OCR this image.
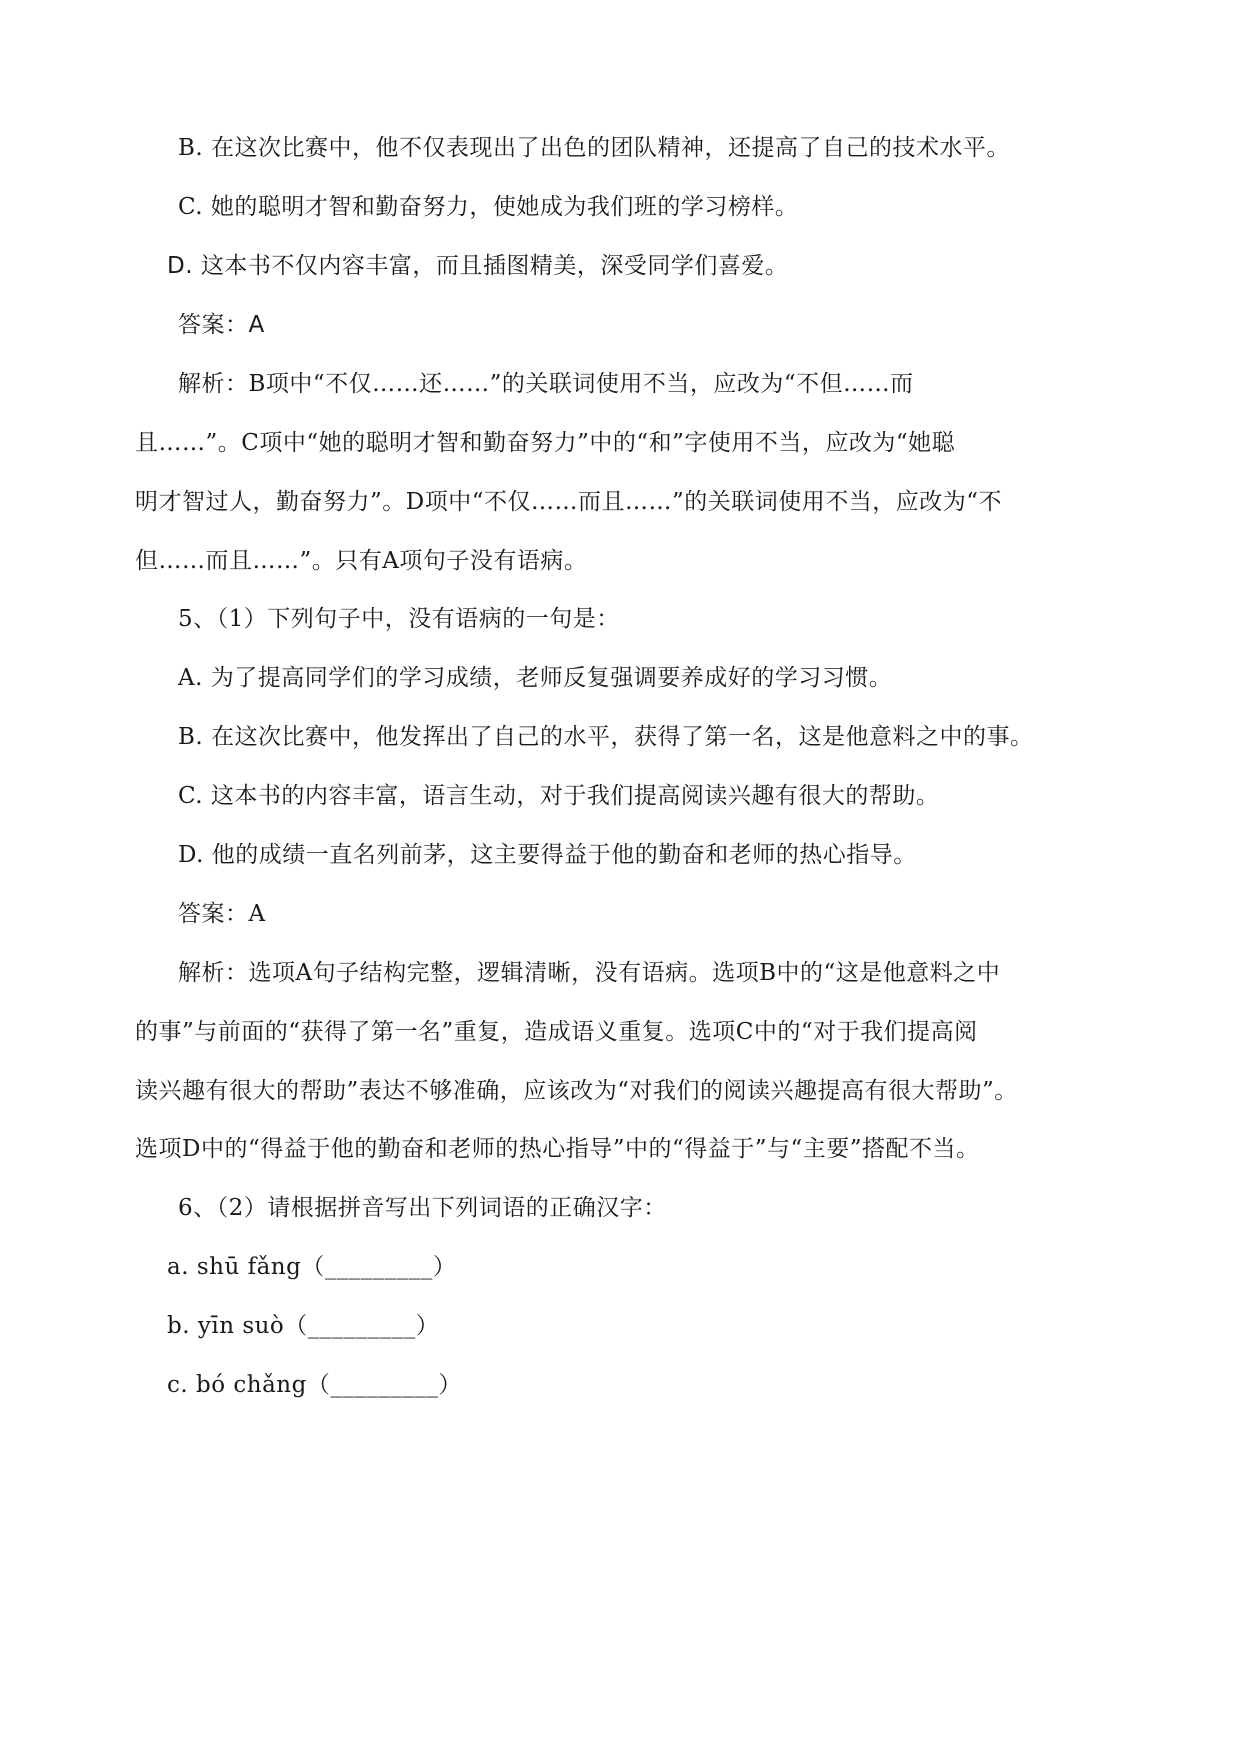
B. 在这次比赛中，他不仅表现出了出色的团队精神，还提高了自己的技术水平。
C. 她的聪明才智和勤奋努力，使她成为我们班的学习榜样。
D. 这本书不仅内容丰富，而且插图精美，深受同学们喜爱。
答案：A
解析：B项中“不仅……还……”的关联词使用不当，应改为“不但……而
且……”。C项中“她的聪明才智和勤奋努力”中的“和”字使用不当，应改为“她聪
明才智过人，勤奋努力”。D项中“不仅……而且……”的关联词使用不当，应改为“不
但……而且……”。只有A项句子没有语病。
5、（1）下列句子中，没有语病的一句是：
A. 为了提高同学们的学习成绩，老师反复强调要养成好的学习习惯。
B. 在这次比赛中，他发挥出了自己的水平，获得了第一名，这是他意料之中的事。
C. 这本书的内容丰富，语言生动，对于我们提高阅读兴趣有很大的帮助。
D. 他的成绩一直名列前茅，这主要得益于他的勤奋和老师的热心指导。
答案：A
解析：选项A句子结构完整，逻辑清晰，没有语病。选项B中的“这是他意料之中
的事”与前面的“获得了第一名”重复，造成语义重复。选项C中的“对于我们提高阅
读兴趣有很大的帮助”表达不够准确，应该改为“对我们的阅读兴趣提高有很大帮助”。
选项D中的“得益于他的勤奋和老师的热心指导”中的“得益于”与“主要”搭配不当。
6、（2）请根据拼音写出下列词语的正确汉字：
a. shū fǎng（_________）
b. yīn suò（_________）
c. bó chǎng（_________）
